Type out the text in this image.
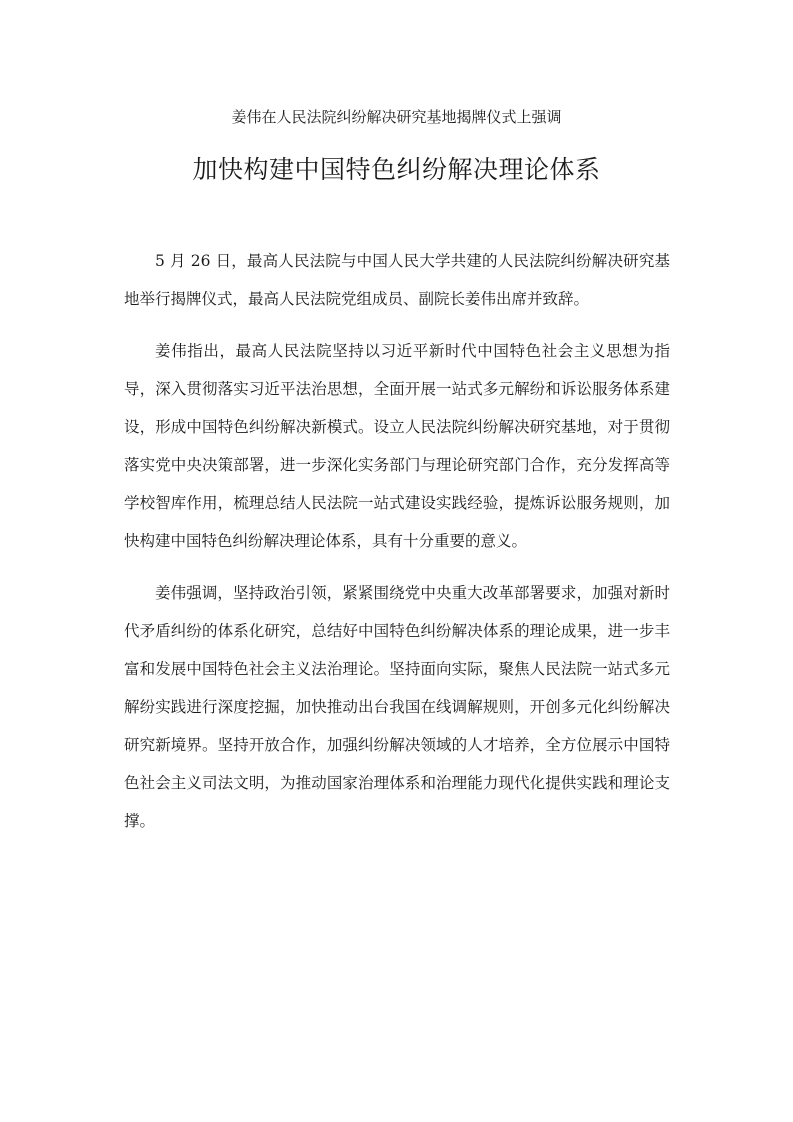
姜伟在人民法院纠纷解决研究基地揭牌仪式上强调
加快构建中国特色纠纷解决理论体系

5 月 26 日，最高人民法院与中国人民大学共建的人民法院纠纷解决研究基地举行揭牌仪式，最高人民法院党组成员、副院长姜伟出席并致辞。

姜伟指出，最高人民法院坚持以习近平新时代中国特色社会主义思想为指导，深入贯彻落实习近平法治思想，全面开展一站式多元解纷和诉讼服务体系建设，形成中国特色纠纷解决新模式。设立人民法院纠纷解决研究基地，对于贯彻落实党中央决策部署，进一步深化实务部门与理论研究部门合作，充分发挥高等学校智库作用，梳理总结人民法院一站式建设实践经验，提炼诉讼服务规则，加快构建中国特色纠纷解决理论体系，具有十分重要的意义。

姜伟强调，坚持政治引领，紧紧围绕党中央重大改革部署要求，加强对新时代矛盾纠纷的体系化研究，总结好中国特色纠纷解决体系的理论成果，进一步丰富和发展中国特色社会主义法治理论。坚持面向实际，聚焦人民法院一站式多元解纷实践进行深度挖掘，加快推动出台我国在线调解规则，开创多元化纠纷解决研究新境界。坚持开放合作，加强纠纷解决领域的人才培养，全方位展示中国特色社会主义司法文明，为推动国家治理体系和治理能力现代化提供实践和理论支撑。
